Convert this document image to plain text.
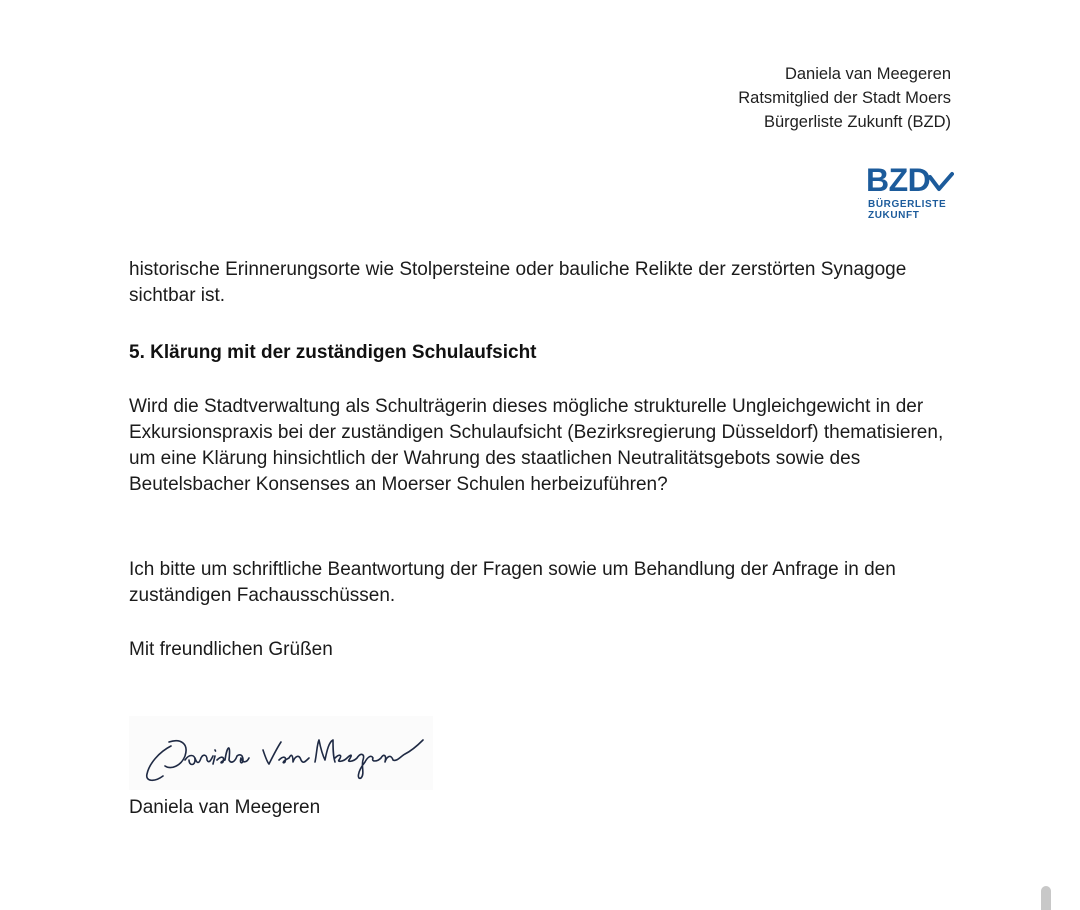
Daniela van Meegeren
Ratsmitglied der Stadt Moers
Bürgerliste Zukunft (BZD)
BZD
BÜRGERLISTE
ZUKUNFT
historische Erinnerungsorte wie Stolpersteine oder bauliche Relikte der zerstörten Synagoge sichtbar ist.
5. Klärung mit der zuständigen Schulaufsicht
Wird die Stadtverwaltung als Schulträgerin dieses mögliche strukturelle Ungleichgewicht in der Exkursionspraxis bei der zuständigen Schulaufsicht (Bezirksregierung Düsseldorf) thematisieren, um eine Klärung hinsichtlich der Wahrung des staatlichen Neutralitätsgebots sowie des Beutelsbacher Konsenses an Moerser Schulen herbeizuführen?
Ich bitte um schriftliche Beantwortung der Fragen sowie um Behandlung der Anfrage in den zuständigen Fachausschüssen.
Mit freundlichen Grüßen
Daniela van Meegeren
